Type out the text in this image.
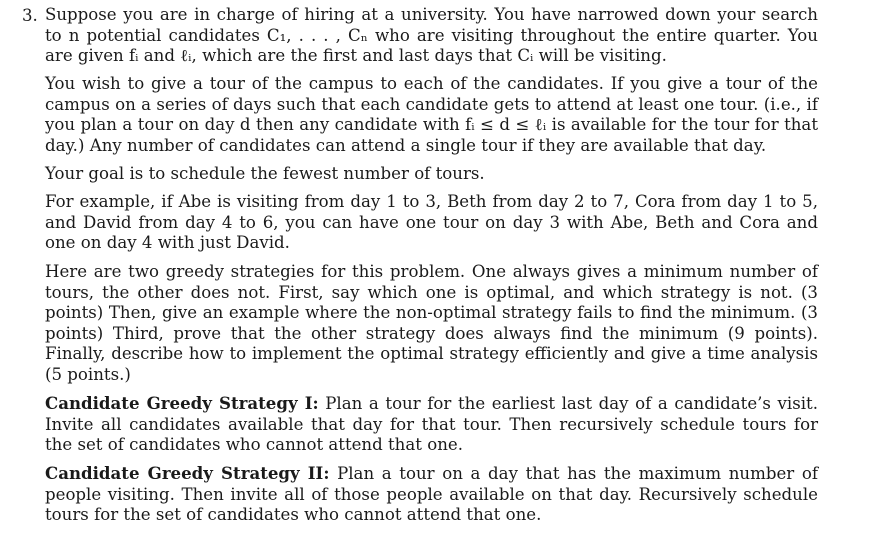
3. Suppose you are in charge of hiring at a university. You have narrowed down your search to n potential candidates C₁, . . . , Cₙ who are visiting throughout the entire quarter. You are given fᵢ and ℓᵢ, which are the first and last days that Cᵢ will be visiting.

You wish to give a tour of the campus to each of the candidates. If you give a tour of the campus on a series of days such that each candidate gets to attend at least one tour. (i.e., if you plan a tour on day d then any candidate with fᵢ ≤ d ≤ ℓᵢ is available for the tour for that day.) Any number of candidates can attend a single tour if they are available that day.

Your goal is to schedule the fewest number of tours.

For example, if Abe is visiting from day 1 to 3, Beth from day 2 to 7, Cora from day 1 to 5, and David from day 4 to 6, you can have one tour on day 3 with Abe, Beth and Cora and one on day 4 with just David.

Here are two greedy strategies for this problem. One always gives a minimum number of tours, the other does not. First, say which one is optimal, and which strategy is not. (3 points) Then, give an example where the non-optimal strategy fails to find the minimum. (3 points) Third, prove that the other strategy does always find the minimum (9 points). Finally, describe how to implement the optimal strategy efficiently and give a time analysis (5 points.)

Candidate Greedy Strategy I: Plan a tour for the earliest last day of a candidate’s visit. Invite all candidates available that day for that tour. Then recursively schedule tours for the set of candidates who cannot attend that one.

Candidate Greedy Strategy II: Plan a tour on a day that has the maximum number of people visiting. Then invite all of those people available on that day. Recursively schedule tours for the set of candidates who cannot attend that one.
